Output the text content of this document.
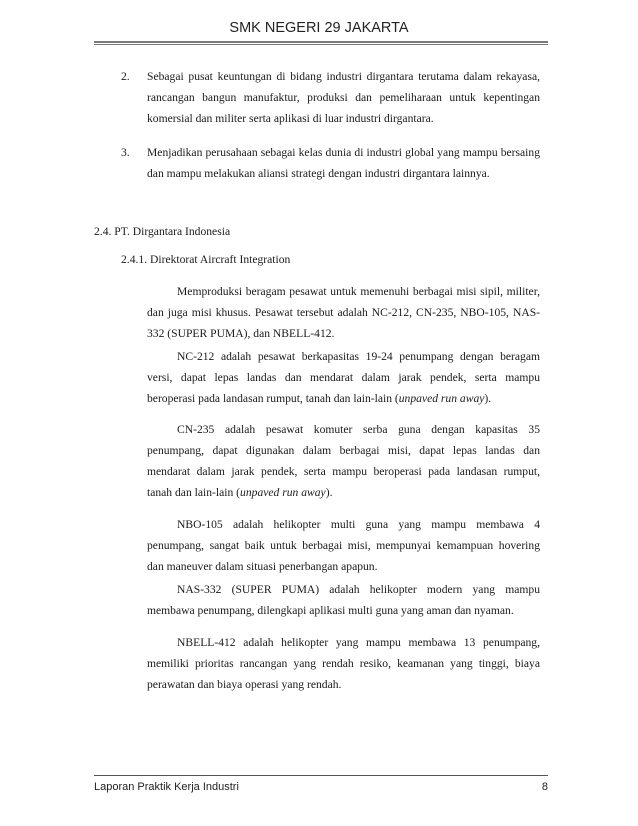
SMK NEGERI 29 JAKARTA
2. Sebagai pusat keuntungan di bidang industri dirgantara terutama dalam rekayasa,
rancangan bangun manufaktur, produksi dan pemeliharaan untuk kepentingan
komersial dan militer serta aplikasi di luar industri dirgantara.
3. Menjadikan perusahaan sebagai kelas dunia di industri global yang mampu bersaing
dan mampu melakukan aliansi strategi dengan industri dirgantara lainnya.
2.4. PT. Dirgantara Indonesia
2.4.1. Direktorat Aircraft Integration
Memproduksi beragam pesawat untuk memenuhi berbagai misi sipil, militer,
dan juga misi khusus. Pesawat tersebut adalah NC-212, CN-235, NBO-105, NAS-
332 (SUPER PUMA), dan NBELL-412.
NC-212 adalah pesawat berkapasitas 19-24 penumpang dengan beragam
versi, dapat lepas landas dan mendarat dalam jarak pendek, serta mampu
beroperasi pada landasan rumput, tanah dan lain-lain (unpaved run away).
CN-235 adalah pesawat komuter serba guna dengan kapasitas 35
penumpang, dapat digunakan dalam berbagai misi, dapat lepas landas dan
mendarat dalam jarak pendek, serta mampu beroperasi pada landasan rumput,
tanah dan lain-lain (unpaved run away).
NBO-105 adalah helikopter multi guna yang mampu membawa 4
penumpang, sangat baik untuk berbagai misi, mempunyai kemampuan hovering
dan maneuver dalam situasi penerbangan apapun.
NAS-332 (SUPER PUMA) adalah helikopter modern yang mampu
membawa penumpang, dilengkapi aplikasi multi guna yang aman dan nyaman.
NBELL-412 adalah helikopter yang mampu membawa 13 penumpang,
memiliki prioritas rancangan yang rendah resiko, keamanan yang tinggi, biaya
perawatan dan biaya operasi yang rendah.
Laporan Praktik Kerja Industri	8
